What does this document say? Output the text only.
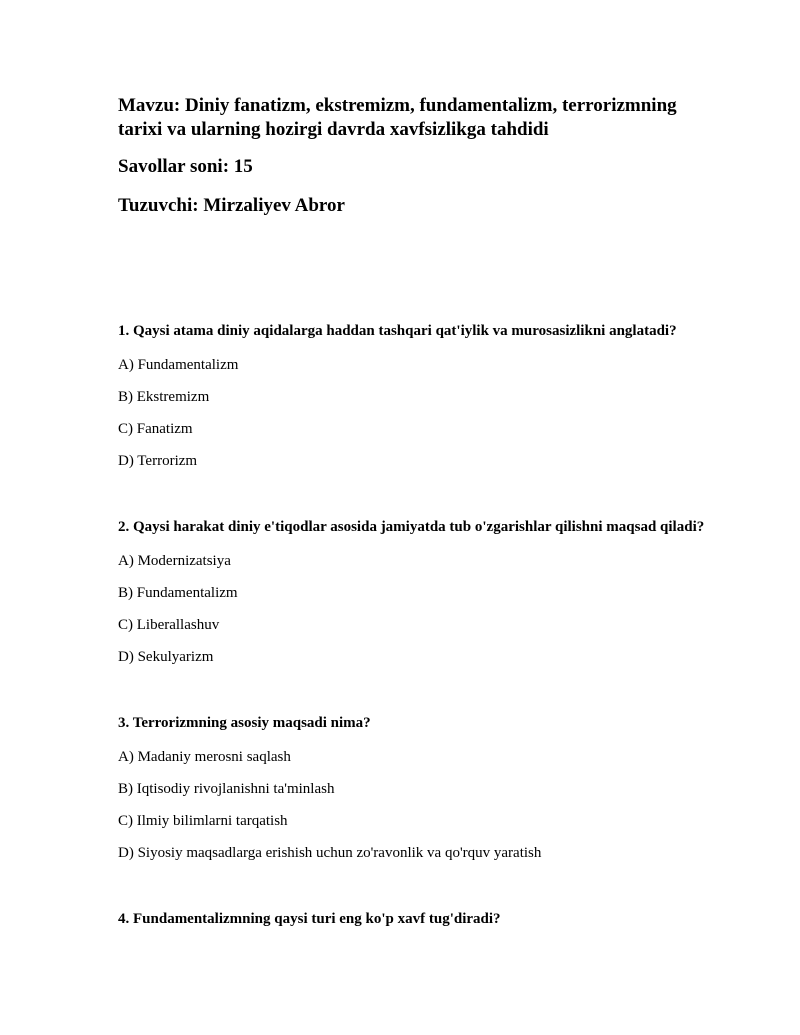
Mavzu: Diniy fanatizm, ekstremizm, fundamentalizm, terrorizmning tarixi va ularning hozirgi davrda xavfsizlikga tahdidi

Savollar soni: 15

Tuzuvchi: Mirzaliyev Abror

1. Qaysi atama diniy aqidalarga haddan tashqari qat'iylik va murosasizlikni anglatadi?

A) Fundamentalizm

B) Ekstremizm

C) Fanatizm

D) Terrorizm

2. Qaysi harakat diniy e'tiqodlar asosida jamiyatda tub o'zgarishlar qilishni maqsad qiladi?

A) Modernizatsiya

B) Fundamentalizm

C) Liberallashuv

D) Sekulyarizm

3. Terrorizmning asosiy maqsadi nima?

A) Madaniy merosni saqlash

B) Iqtisodiy rivojlanishni ta'minlash

C) Ilmiy bilimlarni tarqatish

D) Siyosiy maqsadlarga erishish uchun zo'ravonlik va qo'rquv yaratish

4. Fundamentalizmning qaysi turi eng ko'p xavf tug'diradi?
